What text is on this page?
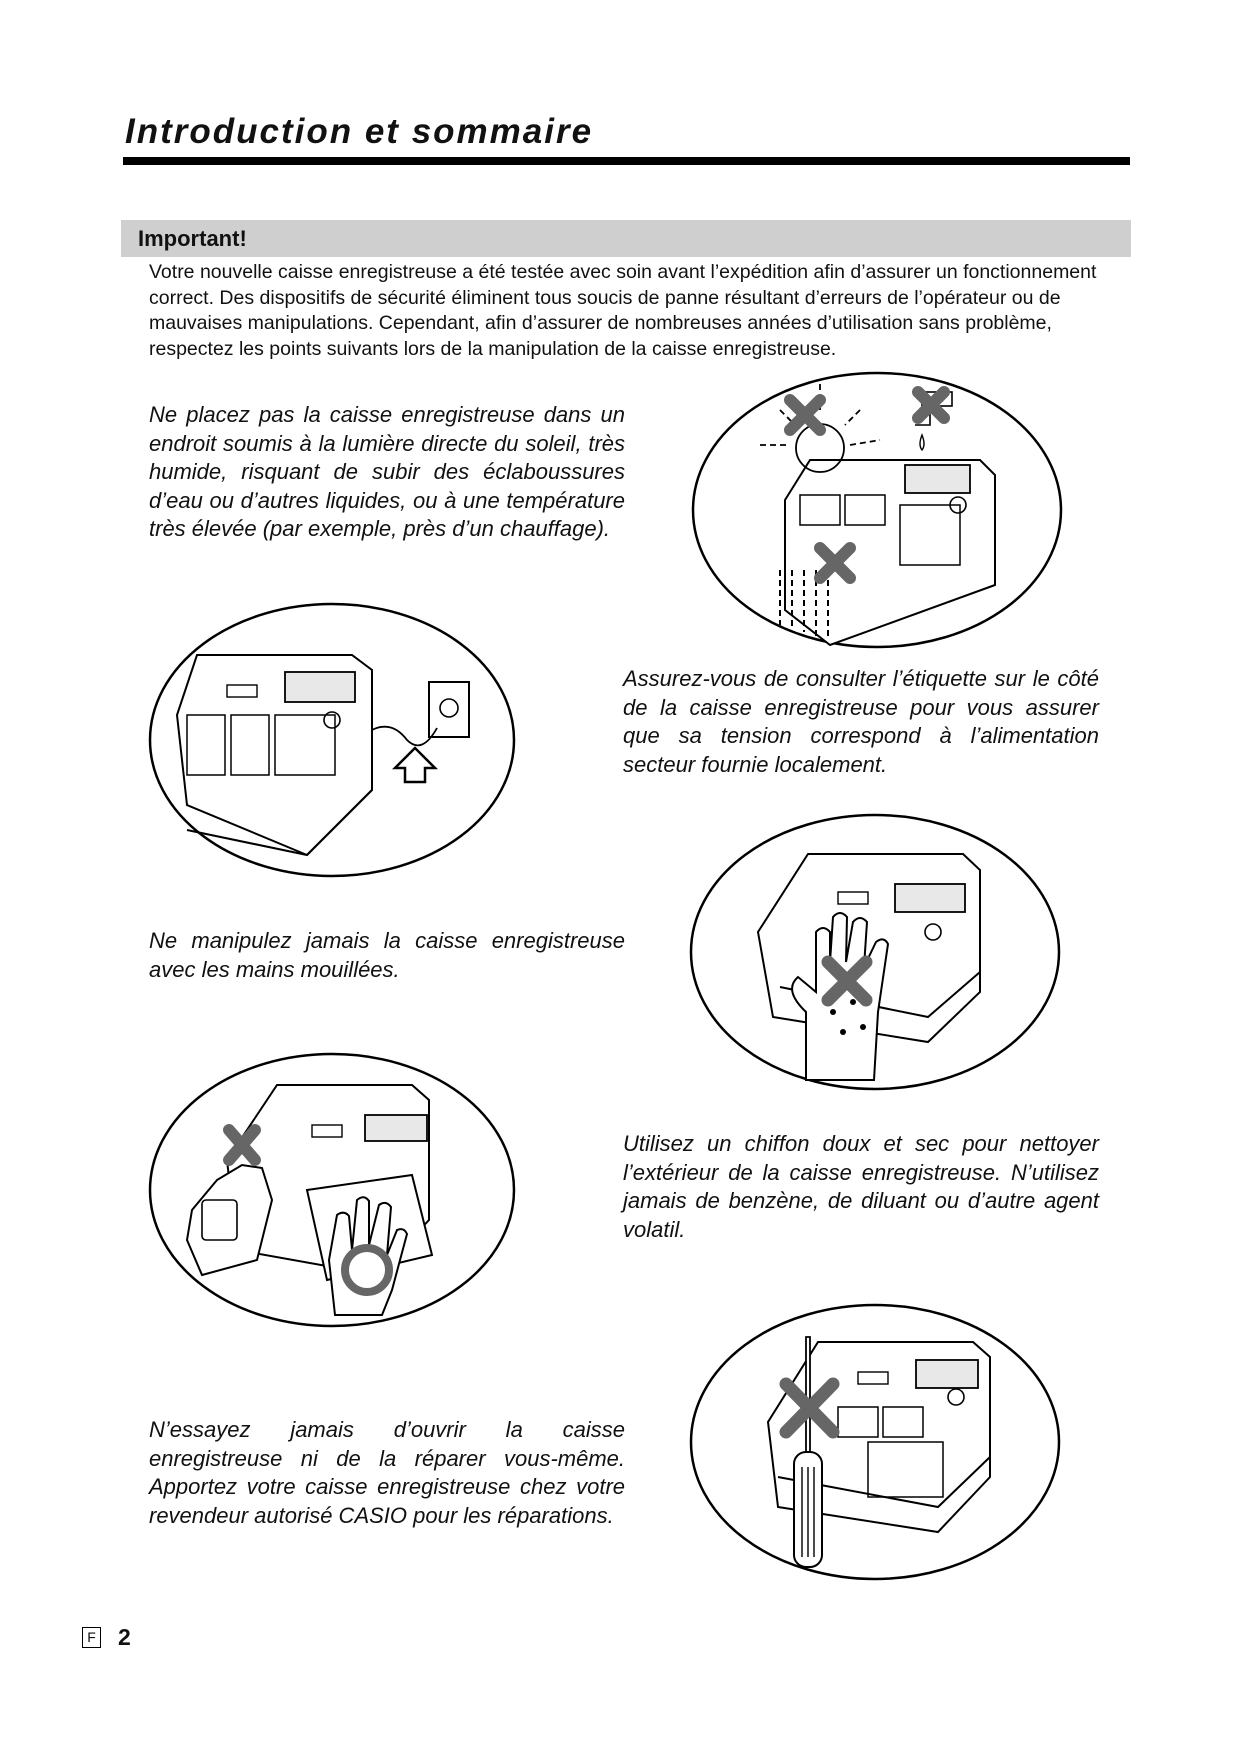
Introduction et sommaire

Important!

Votre nouvelle caisse enregistreuse a été testée avec soin avant l’expédition afin d’assurer un fonctionnement correct. Des dispositifs de sécurité éliminent tous soucis de panne résultant d’erreurs de l’opérateur ou de mauvaises manipulations. Cependant, afin d’assurer de nombreuses années d’utilisation sans problème, respectez les points suivants lors de la manipulation de la caisse enregistreuse.

Ne placez pas la caisse enregistreuse dans un endroit soumis à la lumière directe du soleil, très humide, risquant de subir des éclaboussures d’eau ou d’autres liquides, ou à une température très élevée (par exemple, près d’un chauffage).

Assurez-vous de consulter l’étiquette sur le côté de la caisse enregistreuse pour vous assurer que sa tension correspond à l’alimentation secteur fournie localement.

Ne manipulez jamais la caisse enregistreuse avec les mains mouillées.

Utilisez un chiffon doux et sec pour nettoyer l’extérieur de la caisse enregistreuse. N’utilisez jamais de benzène, de diluant ou d’autre agent volatil.

N’essayez jamais d’ouvrir la caisse enregistreuse ni de la réparer vous-même. Apportez votre caisse enregistreuse chez votre revendeur autorisé CASIO pour les réparations.

F 2
